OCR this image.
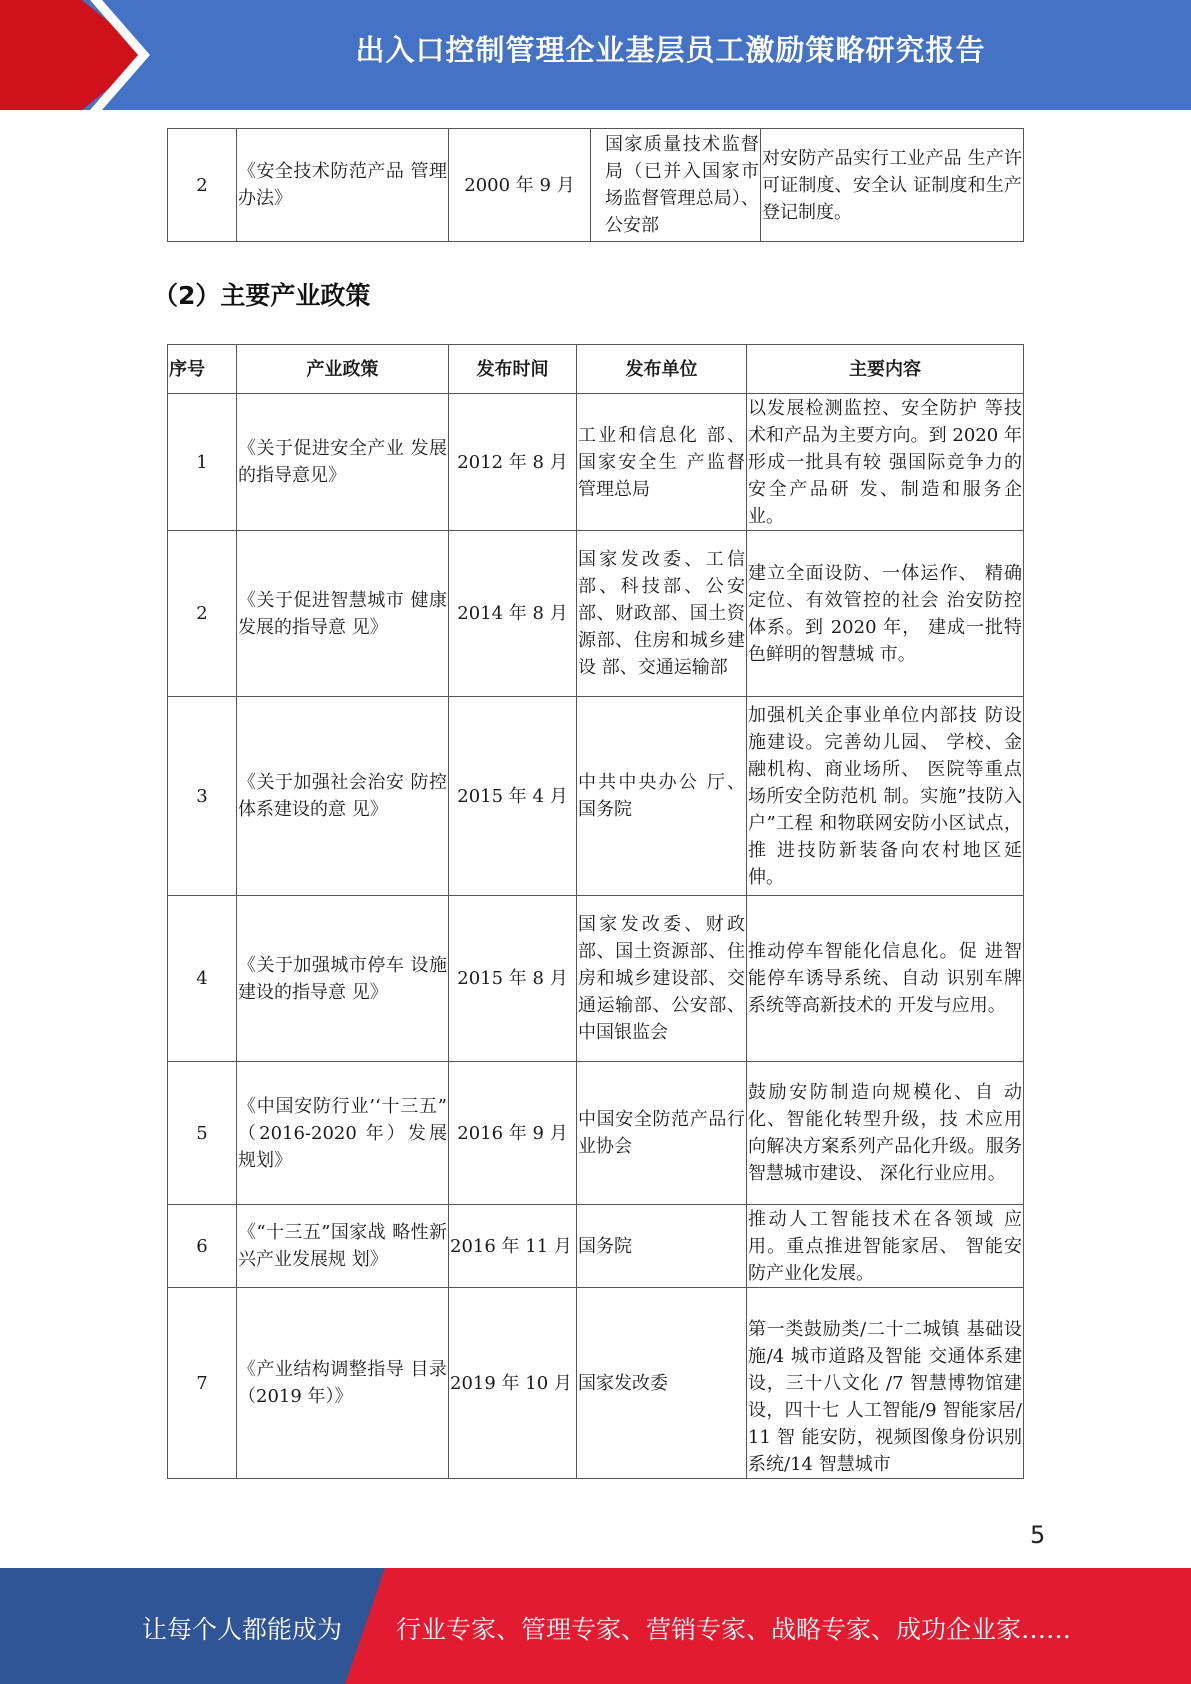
出入口控制管理企业基层员工激励策略研究报告
2	《安全技术防范产品 管理办法》	2000 年 9 月	国家质量技术监督局（已并入国家市场监督管理总局）、公安部	对安防产品实行工业产品 生产许可证制度、安全认 证制度和生产登记制度。
（2）主要产业政策
序号	产业政策	发布时间	发布单位	主要内容
1	《关于促进安全产业 发展的指导意见》	2012 年 8 月	工业和信息化 部、国家安全生 产监督管理总局	以发展检测监控、安全防护 等技术和产品为主要方向。到 2020 年形成一批具有较 强国际竞争力的安全产品研 发、制造和服务企业。
2	《关于促进智慧城市 健康发展的指导意 见》	2014 年 8 月	国家发改委、工信部、科技部、公安部、财政部、国土资源部、住房和城乡建设 部、交通运输部	建立全面设防、一体运作、 精确定位、有效管控的社会 治安防控体系。到 2020 年， 建成一批特色鲜明的智慧城 市。
3	《关于加强社会治安 防控体系建设的意 见》	2015 年 4 月	中共中央办公 厅、国务院	加强机关企事业单位内部技 防设施建设。完善幼儿园、 学校、金融机构、商业场所、 医院等重点场所安全防范机 制。实施”技防入户”工程 和物联网安防小区试点，推 进技防新装备向农村地区延 伸。
4	《关于加强城市停车 设施建设的指导意 见》	2015 年 8 月	国家发改委、财政部、国土资源部、住房和城乡建设部、交通运输部、公安部、中国银监会	推动停车智能化信息化。促 进智能停车诱导系统、自动 识别车牌系统等高新技术的 开发与应用。
5	《中国安防行业’‘十三五” （2016-2020 年）发展规划》	2016 年 9 月	中国安全防范产品行业协会	鼓励安防制造向规模化、自 动化、智能化转型升级，技 术应用向解决方案系列产品化升级。服务智慧城市建设、 深化行业应用。
6	《“十三五”国家战 略性新兴产业发展规 划》	2016 年 11 月	国务院	推动人工智能技术在各领域 应用。重点推进智能家居、 智能安防产业化发展。
7	《产业结构调整指导 目录（2019 年）》	2019 年 10 月	国家发改委	第一类鼓励类/二十二城镇 基础设施/4 城市道路及智能 交通体系建设，三十八文化 /7 智慧博物馆建设，四十七 人工智能/9 智能家居/11 智 能安防，视频图像身份识别 系统/14 智慧城市
5
让每个人都能成为 行业专家、管理专家、营销专家、战略专家、成功企业家……
